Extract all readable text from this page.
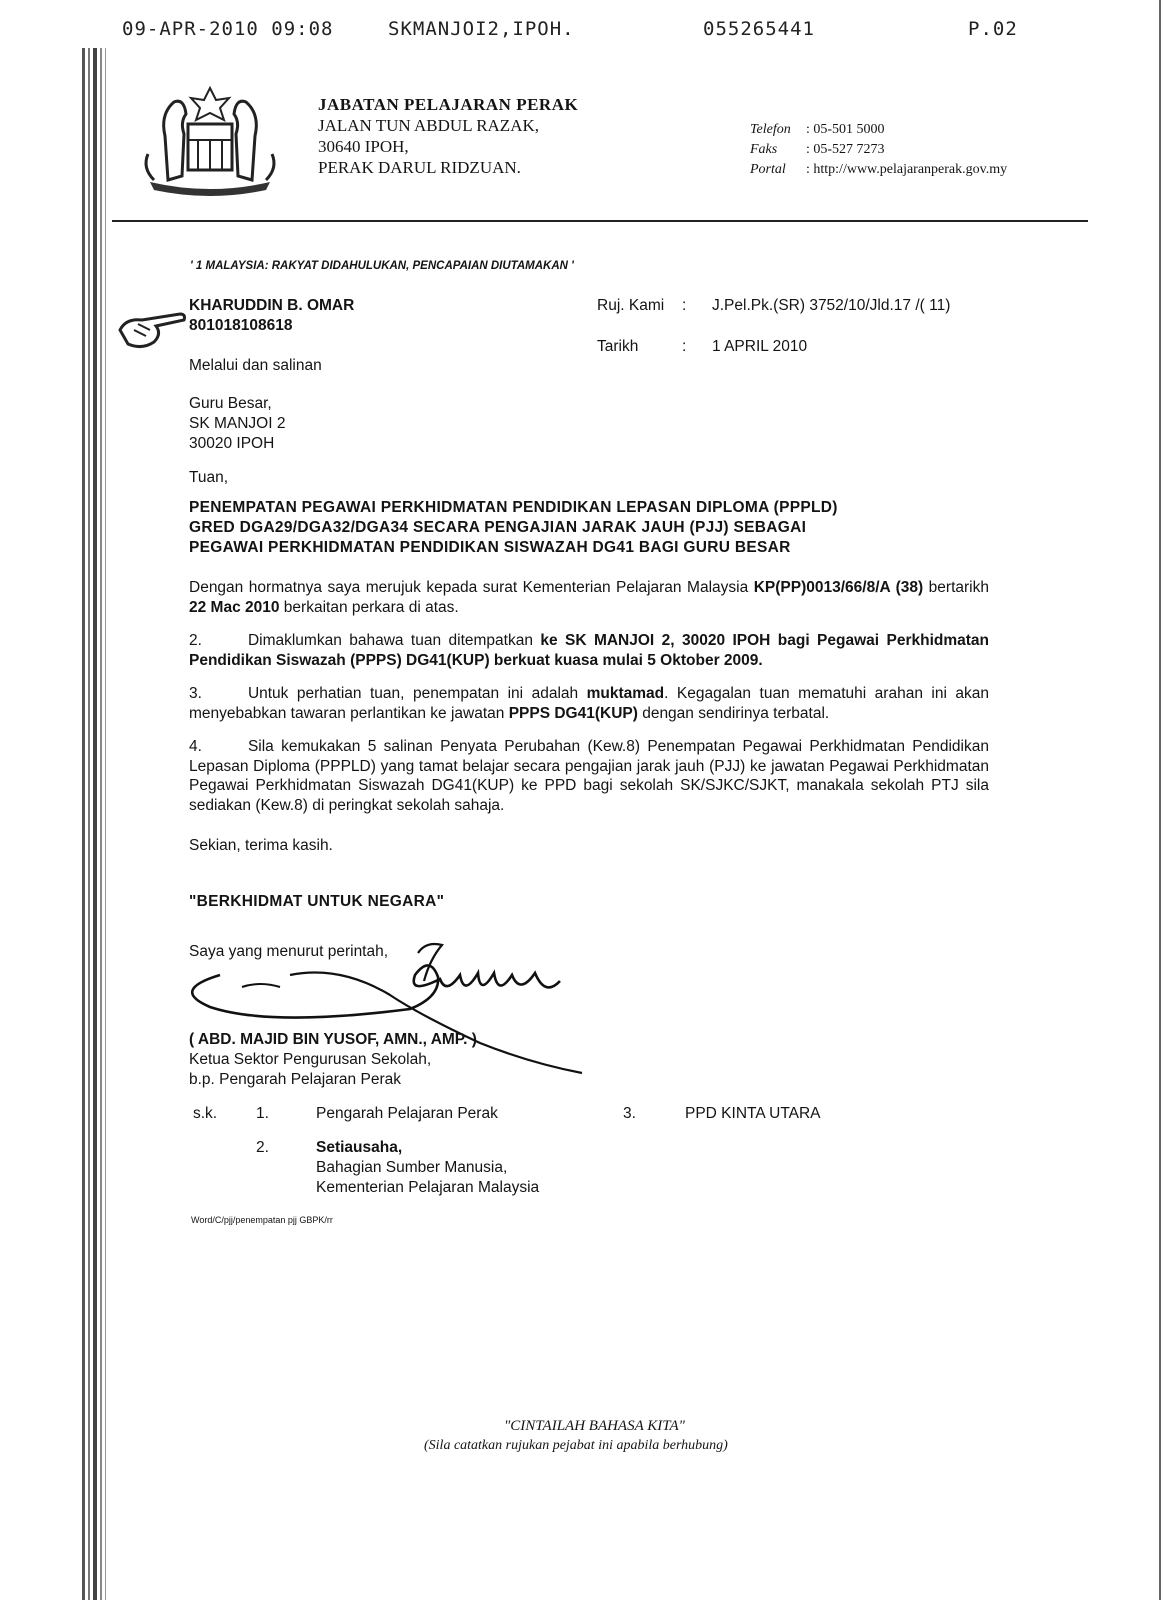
09-APR-2010 09:08	SKMANJOI2,IPOH.	055265441	P.02
JABATAN PELAJARAN PERAK
JALAN TUN ABDUL RAZAK,
30640 IPOH,
PERAK DARUL RIDZUAN.
Telefon : 05-501 5000
Faks : 05-527 7273
Portal : http://www.pelajaranperak.gov.my
' 1 MALAYSIA: RAKYAT DIDAHULUKAN, PENCAPAIAN DIUTAMAKAN '
KHARUDDIN B. OMAR
801018108618
Melalui dan salinan
Guru Besar,
SK MANJOI 2
30020 IPOH
Ruj. Kami : J.Pel.Pk.(SR) 3752/10/Jld.17 /( 11)
Tarikh	: 1 APRIL 2010
Tuan,
PENEMPATAN PEGAWAI PERKHIDMATAN PENDIDIKAN LEPASAN DIPLOMA (PPPLD)
GRED DGA29/DGA32/DGA34 SECARA PENGAJIAN JARAK JAUH (PJJ) SEBAGAI
PEGAWAI PERKHIDMATAN PENDIDIKAN SISWAZAH DG41 BAGI GURU BESAR
Dengan hormatnya saya merujuk kepada surat Kementerian Pelajaran Malaysia KP(PP)0013/66/8/A (38) bertarikh 22 Mac 2010 berkaitan perkara di atas.
2.	Dimaklumkan bahawa tuan ditempatkan ke SK MANJOI 2, 30020 IPOH bagi Pegawai Perkhidmatan Pendidikan Siswazah (PPPS) DG41(KUP) berkuat kuasa mulai 5 Oktober 2009.
3.	Untuk perhatian tuan, penempatan ini adalah muktamad. Kegagalan tuan mematuhi arahan ini akan menyebabkan tawaran perlantikan ke jawatan PPPS DG41(KUP) dengan sendirinya terbatal.
4.	Sila kemukakan 5 salinan Penyata Perubahan (Kew.8) Penempatan Pegawai Perkhidmatan Pendidikan Lepasan Diploma (PPPLD) yang tamat belajar secara pengajian jarak jauh (PJJ) ke jawatan Pegawai Perkhidmatan Pegawai Perkhidmatan Siswazah DG41(KUP) ke PPD bagi sekolah SK/SJKC/SJKT, manakala sekolah PTJ sila sediakan (Kew.8) di peringkat sekolah sahaja.
Sekian, terima kasih.
"BERKHIDMAT UNTUK NEGARA"
Saya yang menurut perintah,
( ABD. MAJID BIN YUSOF, AMN., AMP. )
Ketua Sektor Pengurusan Sekolah,
b.p. Pengarah Pelajaran Perak
s.k.	1.	Pengarah Pelajaran Perak	3.	PPD KINTA UTARA
2.	Setiausaha,
Bahagian Sumber Manusia,
Kementerian Pelajaran Malaysia
Word/C/pjj/penempatan pjj GBPK/rr
"CINTAILAH BAHASA KITA"
(Sila catatkan rujukan pejabat ini apabila berhubung)
